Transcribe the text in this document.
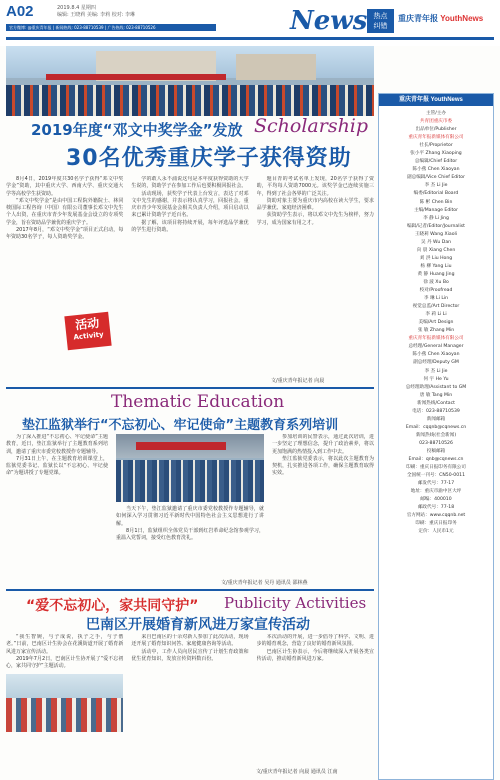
A02	2019.8.4 星期四
编辑: 王晓莉 美编: 李莉 校对: 李琳
官方微博: @重庆青年报 | 新闻热线: 023-88710539 | 广告热线: 023-88710526	News 热点
纠错
重庆青年报 YouthNews
2019年度“邓文中奖学金”发放 Scholarship
30名优秀重庆学子获得资助

8月4日，2019年度共30名学子获得“邓文中奖学金”资助，其中重庆大学、西南大学、重庆交通大学等高校学生获资助。

“邓文中奖学金”是由中国工程院外籍院士、林同棪国际工程咨询（中国）有限公司董事长邓文中先生个人出资，在重庆市青少年发展基金会设立的专项奖学金，旨在资助品学兼优的重庆学子。

2017年8月，“邓文中奖学金”项目正式启动，每年资助30名学子，每人资助奖学金。

学的敢人永不浦说这句是本年度获得资助的大学生说的，资助学子在参加工作后也要积极回报社会。

活动现场，获奖学子代表上台发言，表达了对邓文中先生的感谢，并表示将认真学习，回报社会。重庆市青少年发展基金会相关负责人介绍，项目启动以来已累计资助学子近百名。

据了解，该项目将持续开展，每年评选品学兼优的学生进行资助。

题目青的考试名单上发现，20名学子获得了资助，平均每人资助7000元。该奖学金已连续实施三年，得到了社会各界的广泛关注。

资助对象主要为重庆市内高校在读大学生，要求品学兼优、家庭经济困难。

获资助学生表示，将以邓文中先生为榜样，努力学习，成为国家有用之才。

活动
Activity
文/重庆青年报记者 向晨
Thematic Education
垫江监狱举行“不忘初心、牢记使命”主题教育系列培训

为了深入推进“不忘初心、牢记使命”主题教育，近日，垫江监狱举行了主题教育系列培训，邀请了重庆市委党校教授作专题辅导。

7月31日上午，在主题教育培训课堂上，监狱党委书记、监狱长以“不忘初心、牢记使命”为题讲授了专题党课。

当天下午，垫江监狱邀请了重庆市委党校教授作专题辅导，就如何深入学习贯彻习近平新时代中国特色社会主义思想进行了讲解。

8月1日，监狱组织全体党员干部到红岩革命纪念馆参观学习，重温入党誓词，接受红色教育洗礼。

参加培训的民警表示，通过此次培训，进一步坚定了理想信念，提升了政治素养，将以更加饱满的热情投入到工作中去。

垫江监狱党委表示，将以此次主题教育为契机，扎实推进各项工作，确保主题教育取得实效。

文/重庆青年报记者 吴丹 通讯员 邵林燕
“爱不忘初心，家共同守护” Publicity Activities
巴南区开展婚育新风进万家宣传活动

“我生智婉，与子成说，执子之手，与子偕老。”日前，巴南区计生协会在花溪街道开展了婚育新风进万家宣传活动。

2019年7月2日，巴南区计生协开展了“爱不忘初心，家共同守护”主题活动。

来自巴南区的十余对新人参加了此次活动，现场还开展了婚育知识问答、家庭健康咨询等活动。

活动中，工作人员向居民宣传了计划生育政策和优生优育知识，发放宣传资料数百份。

本次活动的开展，进一步倡导了科学、文明、进步的婚育观念，营造了良好的婚育新风氛围。

巴南区计生协表示，今后将继续深入开展各类宣传活动，推动婚育新风进万家。

文/重庆青年报记者 向晨 通讯员 江南
重庆青年报 YouthNews
主管/主办
共青团重庆市委
出品单位/Publisher
重庆青年报新媒体有限公司
社长/Proprietor
张小平 Zhang Xiaoping
总编辑/Chief Editor
陈小燕 Chen Xiaoyan
副总编辑/Vice Chief Editor
李 杰 Li Jie
编委/Editorial Board
陈 彬 Chen Bin
主编/Manage Editor
李 静 Li Jing
编辑/记者/Editor/Journalist
王晓莉 Wang Xiaoli
吴 丹 Wu Dan
向 晨 Xiang Chen
刘 洪 Liu Hong
杨 柳 Yang Liu
黄 静 Huang Jing
徐 波 Xu Bo
校对/Proofread
李 琳 Li Lin
视觉总监/Art Director
李 莉 Li Li
美编/Art Design
张 敏 Zhang Min
重庆青年报新媒体有限公司
总经理/General Manager
陈小燕 Chen Xiaoyan
副总经理/Deputy GM
李 杰 Li Jie
何 宇 He Yu
总经理助理/Assistant to GM
唐 敏 Tang Min
新闻热线/Contact
电话：023-88710539
新闻邮箱
Email：cqqnb@cqnews.cn
新闻热线(社会新闻)
023-88710526
投稿邮箱
Email：qnb@cqnews.cn
印刷：重庆日报印务有限公司
全国统一刊号：CN50-0011
邮发代号：77-17
地址：重庆市渝中区大坪
邮编：400010
邮政代号：77-18
官方网站：www.cqqnb.net
印刷：重庆日报印务
定价：人民币1元
